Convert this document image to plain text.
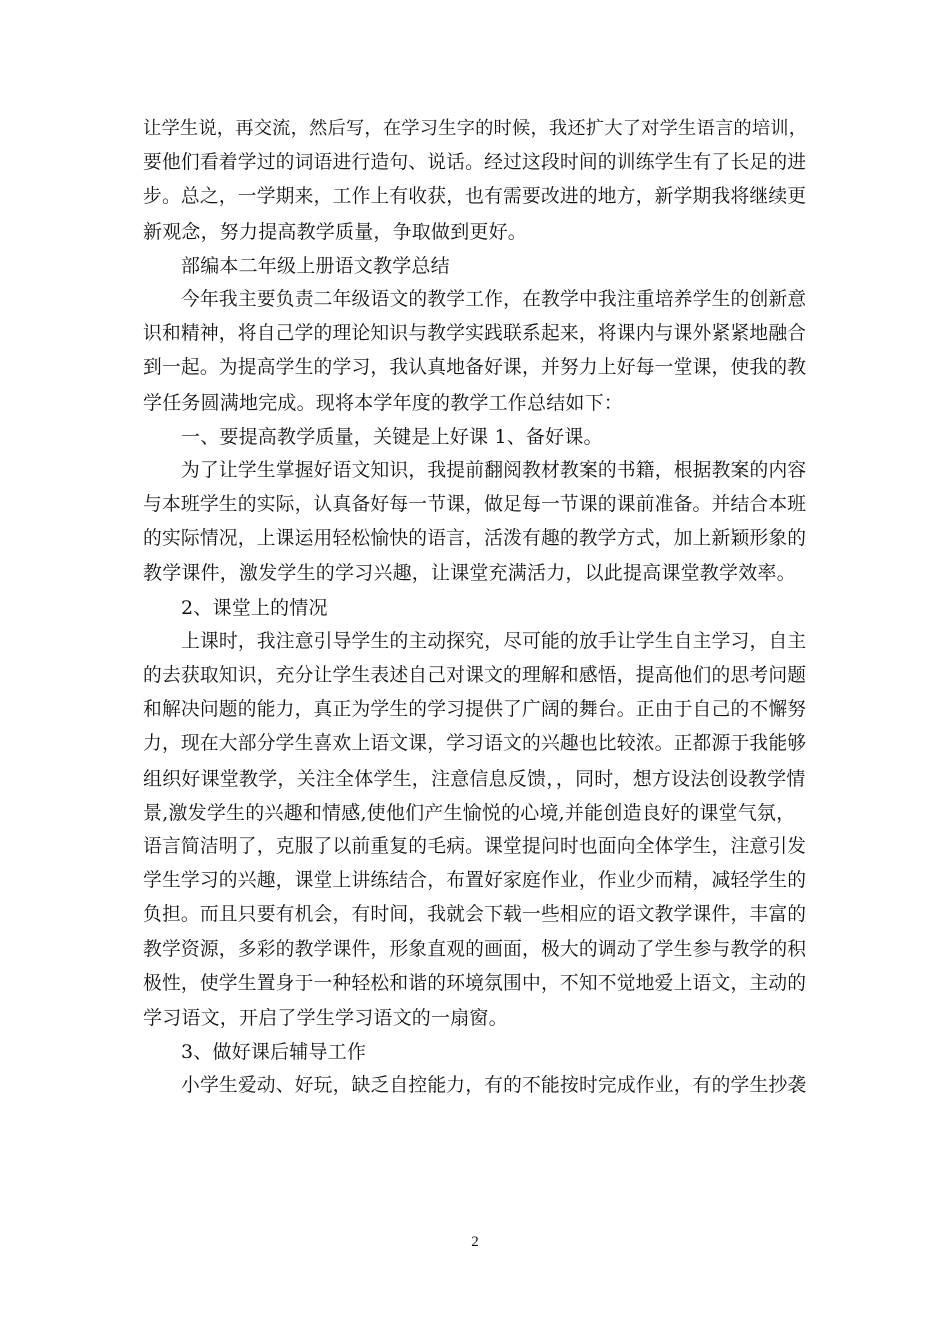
让学生说，再交流，然后写，在学习生字的时候，我还扩大了对学生语言的培训，
要他们看着学过的词语进行造句、说话。经过这段时间的训练学生有了长足的进
步。总之，一学期来，工作上有收获，也有需要改进的地方，新学期我将继续更
新观念，努力提高教学质量，争取做到更好。
部编本二年级上册语文教学总结
今年我主要负责二年级语文的教学工作，在教学中我注重培养学生的创新意
识和精神，将自己学的理论知识与教学实践联系起来，将课内与课外紧紧地融合
到一起。为提高学生的学习，我认真地备好课，并努力上好每一堂课，使我的教
学任务圆满地完成。现将本学年度的教学工作总结如下：
一、要提高教学质量，关键是上好课 1、备好课。
为了让学生掌握好语文知识，我提前翻阅教材教案的书籍，根据教案的内容
与本班学生的实际，认真备好每一节课，做足每一节课的课前准备。并结合本班
的实际情况，上课运用轻松愉快的语言，活泼有趣的教学方式，加上新颖形象的
教学课件，激发学生的学习兴趣，让课堂充满活力，以此提高课堂教学效率。
2、课堂上的情况
上课时，我注意引导学生的主动探究，尽可能的放手让学生自主学习，自主
的去获取知识，充分让学生表述自己对课文的理解和感悟，提高他们的思考问题
和解决问题的能力，真正为学生的学习提供了广阔的舞台。正由于自己的不懈努
力，现在大部分学生喜欢上语文课，学习语文的兴趣也比较浓。正都源于我能够
组织好课堂教学，关注全体学生，注意信息反馈，，同时，想方设法创设教学情
景,激发学生的兴趣和情感,使他们产生愉悦的心境,并能创造良好的课堂气氛，
语言简洁明了，克服了以前重复的毛病。课堂提问时也面向全体学生，注意引发
学生学习的兴趣，课堂上讲练结合，布置好家庭作业，作业少而精，减轻学生的
负担。而且只要有机会，有时间，我就会下载一些相应的语文教学课件，丰富的
教学资源，多彩的教学课件，形象直观的画面，极大的调动了学生参与教学的积
极性，使学生置身于一种轻松和谐的环境氛围中，不知不觉地爱上语文，主动的
学习语文，开启了学生学习语文的一扇窗。
3、做好课后辅导工作
小学生爱动、好玩，缺乏自控能力，有的不能按时完成作业，有的学生抄袭
2
